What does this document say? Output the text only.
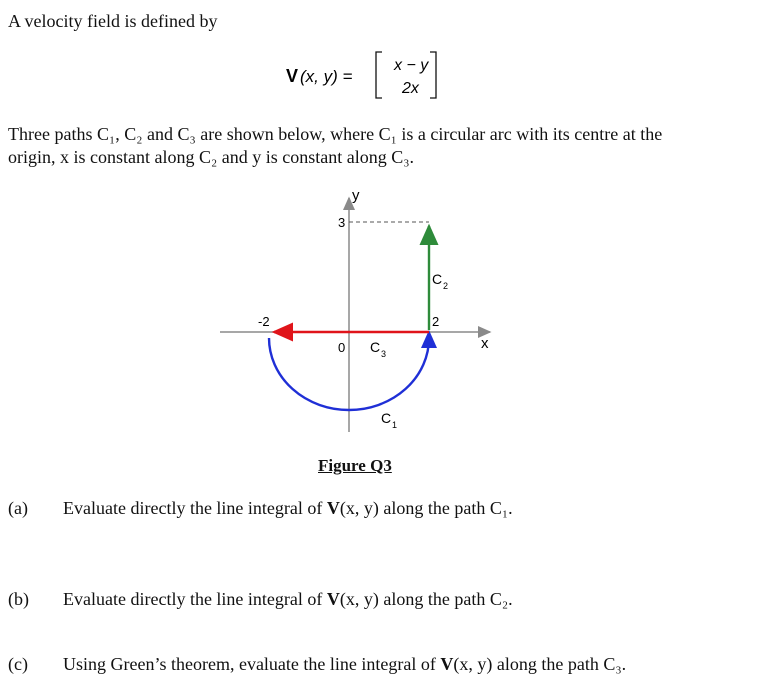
A velocity field is defined by
V (x, y) =
x − y
2x
Three paths C₁, C₂ and C₃ are shown below, where C₁ is a circular arc with its centre at the
origin, x is constant along C₂ and y is constant along C₃.
y
x
3
-2	2
0
C 2
C 3
C 1
Figure Q3
(a) Evaluate directly the line integral of V(x, y) along the path C₁.
(b) Evaluate directly the line integral of V(x, y) along the path C₂.
(c) Using Green’s theorem, evaluate the line integral of V(x, y) along the path C₃.
